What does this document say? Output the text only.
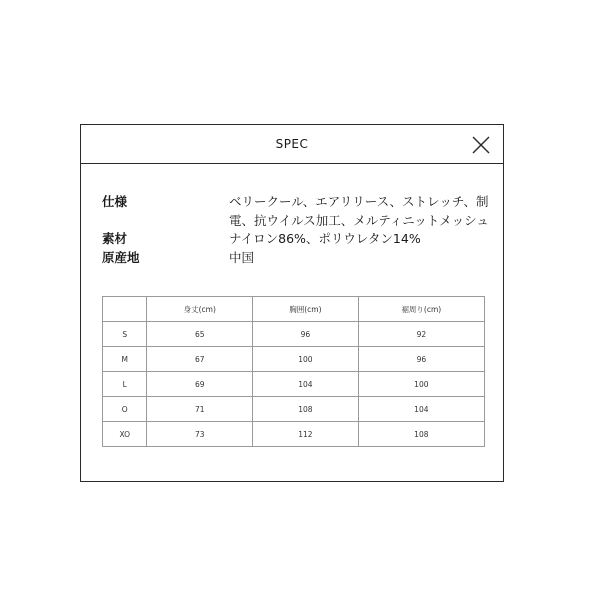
SPEC
仕様	ベリークール、エアリリース、ストレッチ、制電、抗ウイルス加工、メルティニットメッシュ
素材	ナイロン86%、ポリウレタン14%
原産地	中国
	身丈(cm)	胸囲(cm)	裾周り(cm)
S	65	96	92
M	67	100	96
L	69	104	100
O	71	108	104
XO	73	112	108
